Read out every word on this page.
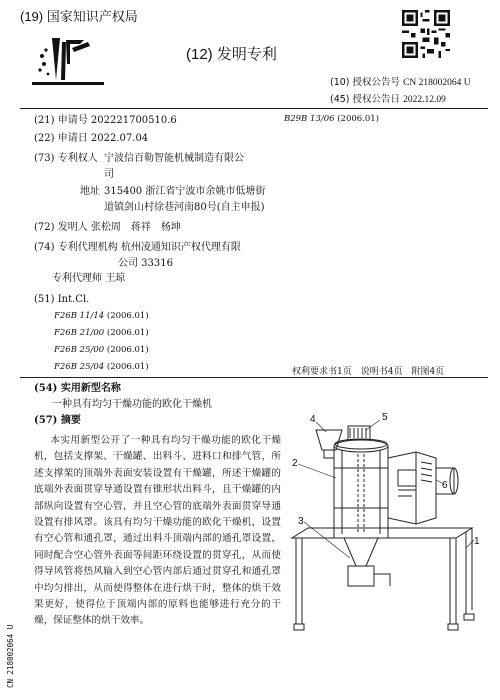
(19) 国家知识产权局
(12) 发明专利
(10) 授权公告号 CN 218002064 U
(45) 授权公告日 2022.12.09
(21) 申请号 202221700510.6
(22) 申请日 2022.07.04
(73) 专利权人 宁波信百勒智能机械制造有限公
司
地址 315400 浙江省宁波市余姚市低塘街
道镇剑山村徐巷河南80号(自主申报)
(72) 发明人 张松周　蒋祥　杨坤
(74) 专利代理机构 杭州凌通知识产权代理有限
公司 33316
专利代理师 王琼
(51) Int.Cl.
F26B 11/14 (2006.01)
F26B 21/00 (2006.01)
F26B 25/00 (2006.01)
F26B 25/04 (2006.01)
B29B 13/06 (2006.01)
权利要求书1页　说明书4页　附图4页
(54) 实用新型名称
一种具有均匀干燥功能的欧化干燥机
(57) 摘要
本实用新型公开了一种具有均匀干燥功能的欧化干燥机，包括支撑架、干燥罐、出料斗、进料口和排气管，所述支撑架的顶端外表面安装设置有干燥罐，所述干燥罐的底端外表面贯穿导通设置有锥形状出料斗，且干燥罐的内部纵向设置有空心管，并且空心管的底端外表面贯穿导通设置有排风罩。该具有均匀干燥功能的欧化干燥机，设置有空心管和通孔罩，通过出料斗顶端内部的通孔罩设置，同时配合空心管外表面等间距环绕设置的贯穿孔，从而使得导风管将热风输入到空心管内部后通过贯穿孔和通孔罩中均匀排出，从而使得整体在进行烘干时，整体的烘干效果更好，使得位于顶端内部的原料也能够进行充分的干燥，保证整体的烘干效率。
4	5
2
6
3
1
CN 218002064 U
